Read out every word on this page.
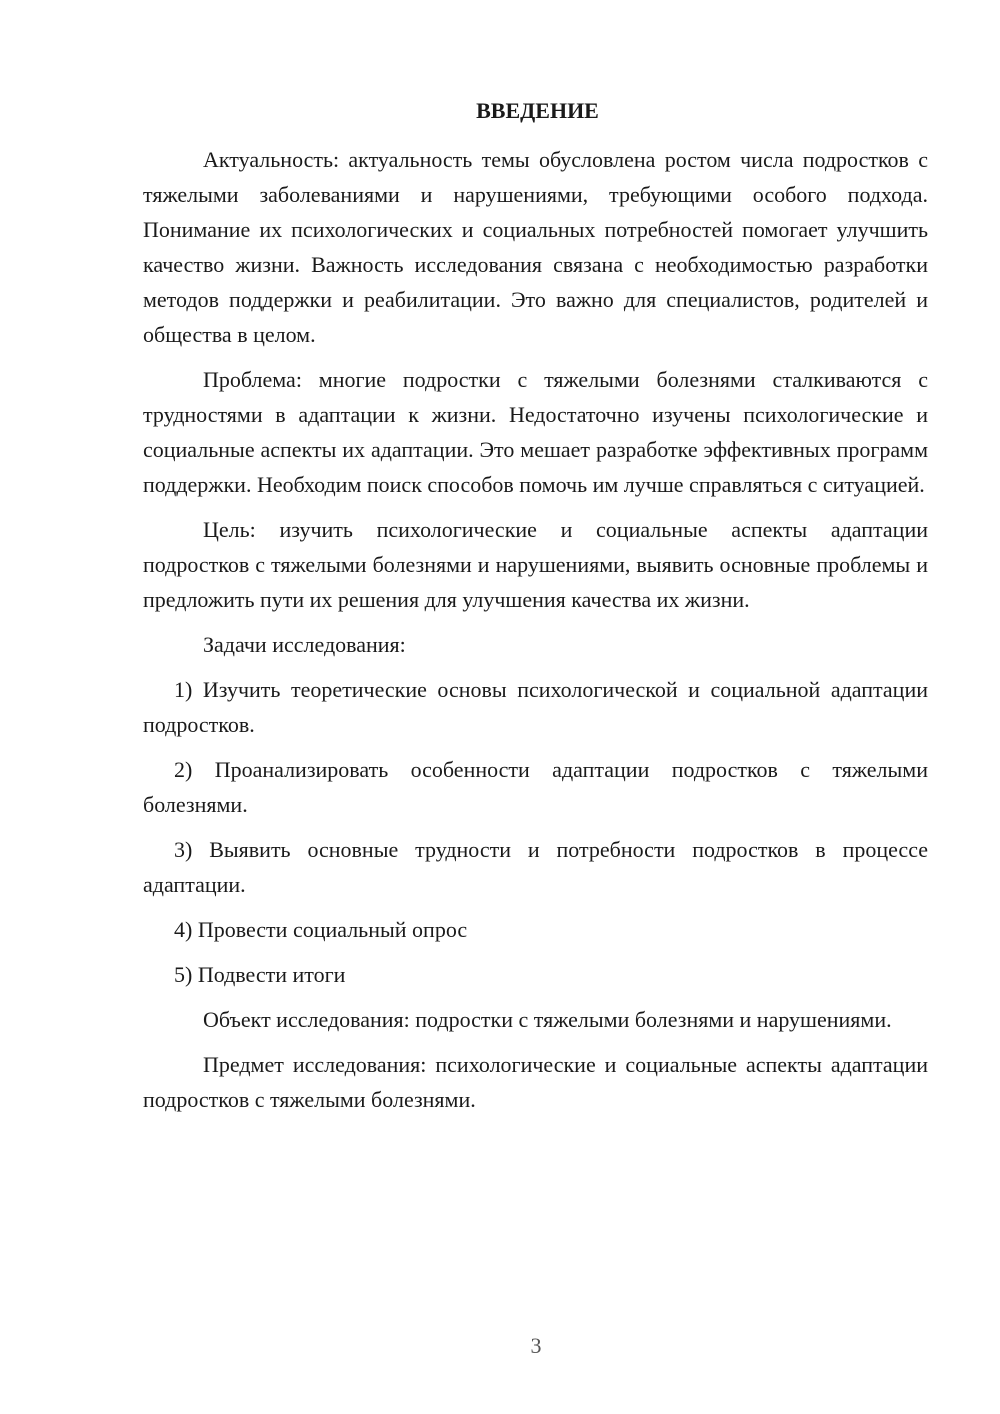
ВВЕДЕНИЕ

Актуальность: актуальность темы обусловлена ростом числа подростков с тяжелыми заболеваниями и нарушениями, требующими особого подхода. Понимание их психологических и социальных потребностей помогает улучшить качество жизни. Важность исследования связана с необходимостью разработки методов поддержки и реабилитации. Это важно для специалистов, родителей и общества в целом.

Проблема: многие подростки с тяжелыми болезнями сталкиваются с трудностями в адаптации к жизни. Недостаточно изучены психологические и социальные аспекты их адаптации. Это мешает разработке эффективных программ поддержки. Необходим поиск способов помочь им лучше справляться с ситуацией.

Цель: изучить психологические и социальные аспекты адаптации подростков с тяжелыми болезнями и нарушениями, выявить основные проблемы и предложить пути их решения для улучшения качества их жизни.

Задачи исследования:

1) Изучить теоретические основы психологической и социальной адаптации подростков.

2) Проанализировать особенности адаптации подростков с тяжелыми болезнями.

3) Выявить основные трудности и потребности подростков в процессе адаптации.

4) Провести социальный опрос

5) Подвести итоги

Объект исследования: подростки с тяжелыми болезнями и нарушениями.

Предмет исследования: психологические и социальные аспекты адаптации подростков с тяжелыми болезнями.

3
